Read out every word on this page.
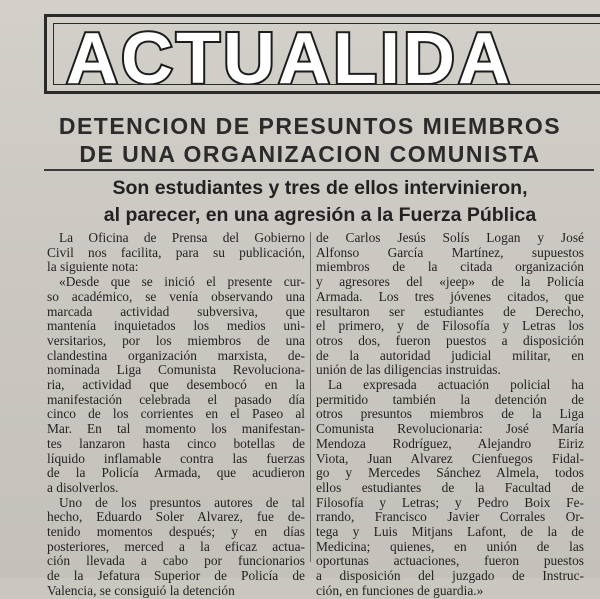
ACTUALIDA
DETENCION DE PRESUNTOS MIEMBROS
DE UNA ORGANIZACION COMUNISTA
Son estudiantes y tres de ellos intervinieron,
al parecer, en una agresión a la Fuerza Pública
La Oficina de Prensa del Gobierno
Civil nos facilita, para su publicación,
la siguiente nota:
«Desde que se inició el presente cur-
so académico, se venía observando una
marcada actividad subversiva, que
mantenía inquietados los medios uni-
versitarios, por los miembros de una
clandestina organización marxista, de-
nominada Liga Comunista Revoluciona-
ria, actividad que desembocó en la
manifestación celebrada el pasado día
cinco de los corrientes en el Paseo al
Mar. En tal momento los manifestan-
tes lanzaron hasta cinco botellas de
líquido inflamable contra las fuerzas
de la Policía Armada, que acudieron
a disolverlos.
Uno de los presuntos autores de tal
hecho, Eduardo Soler Alvarez, fue de-
tenido momentos después; y en días
posteriores, merced a la eficaz actua-
ción llevada a cabo por funcionarios
de la Jefatura Superior de Policía de
Valencia, se consiguió la detención
de Carlos Jesús Solís Logan y José
Alfonso García Martínez, supuestos
miembros de la citada organización
y agresores del «jeep» de la Policía
Armada. Los tres jóvenes citados, que
resultaron ser estudiantes de Derecho,
el primero, y de Filosofía y Letras los
otros dos, fueron puestos a disposición
de la autoridad judicial militar, en
unión de las diligencias instruidas.
La expresada actuación policial ha
permitido también la detención de
otros presuntos miembros de la Liga
Comunista Revolucionaria: José María
Mendoza Rodríguez, Alejandro Eiriz
Viota, Juan Alvarez Cienfuegos Fidal-
go y Mercedes Sánchez Almela, todos
ellos estudiantes de la Facultad de
Filosofía y Letras; y Pedro Boix Fe-
rrando, Francisco Javier Corrales Or-
tega y Luis Mitjans Lafont, de la de
Medicina; quienes, en unión de las
oportunas actuaciones, fueron puestos
a disposición del juzgado de Instruc-
ción, en funciones de guardia.»
